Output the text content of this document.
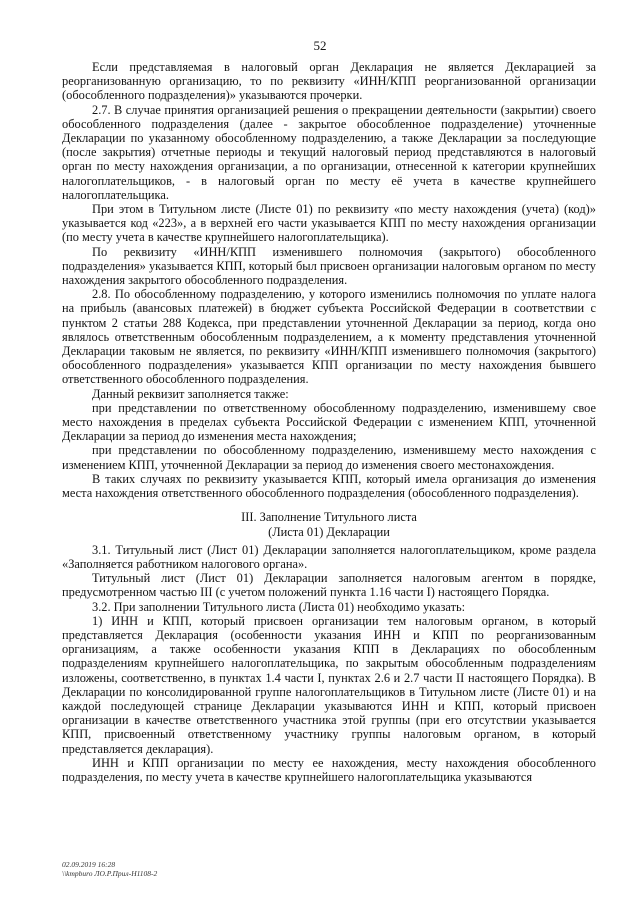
52

Если представляемая в налоговый орган Декларация не является Декларацией за реорганизованную организацию, то по реквизиту «ИНН/КПП реорганизованной организации (обособленного подразделения)» указываются прочерки.

2.7. В случае принятия организацией решения о прекращении деятельности (закрытии) своего обособленного подразделения (далее - закрытое обособленное подразделение) уточненные Декларации по указанному обособленному подразделению, а также Декларации за последующие (после закрытия) отчетные периоды и текущий налоговый период представляются в налоговый орган по месту нахождения организации, а по организации, отнесенной к категории крупнейших налогоплательщиков, - в налоговый орган по месту её учета в качестве крупнейшего налогоплательщика.

При этом в Титульном листе (Листе 01) по реквизиту «по месту нахождения (учета) (код)» указывается код «223», а в верхней его части указывается КПП по месту нахождения организации (по месту учета в качестве крупнейшего налогоплательщика).

По реквизиту «ИНН/КПП изменившего полномочия (закрытого) обособленного подразделения» указывается КПП, который был присвоен организации налоговым органом по месту нахождения закрытого обособленного подразделения.

2.8. По обособленному подразделению, у которого изменились полномочия по уплате налога на прибыль (авансовых платежей) в бюджет субъекта Российской Федерации в соответствии с пунктом 2 статьи 288 Кодекса, при представлении уточненной Декларации за период, когда оно являлось ответственным обособленным подразделением, а к моменту представления уточненной Декларации таковым не является, по реквизиту «ИНН/КПП изменившего полномочия (закрытого) обособленного подразделения» указывается КПП организации по месту нахождения бывшего ответственного обособленного подразделения.

Данный реквизит заполняется также:

при представлении по ответственному обособленному подразделению, изменившему свое место нахождения в пределах субъекта Российской Федерации с изменением КПП, уточненной Декларации за период до изменения места нахождения;

при представлении по обособленному подразделению, изменившему место нахождения с изменением КПП, уточненной Декларации за период до изменения своего местонахождения.

В таких случаях по реквизиту указывается КПП, который имела организация до изменения места нахождения ответственного обособленного подразделения (обособленного подразделения).

III. Заполнение Титульного листа
(Листа 01) Декларации

3.1. Титульный лист (Лист 01) Декларации заполняется налогоплательщиком, кроме раздела «Заполняется работником налогового органа».

Титульный лист (Лист 01) Декларации заполняется налоговым агентом в порядке, предусмотренном частью III (с учетом положений пункта 1.16 части I) настоящего Порядка.

3.2. При заполнении Титульного листа (Листа 01) необходимо указать:

1) ИНН и КПП, который присвоен организации тем налоговым органом, в который представляется Декларация (особенности указания ИНН и КПП по реорганизованным организациям, а также особенности указания КПП в Декларациях по обособленным подразделениям крупнейшего налогоплательщика, по закрытым обособленным подразделениям изложены, соответственно, в пунктах 1.4 части I, пунктах 2.6 и 2.7 части II настоящего Порядка). В Декларации по консолидированной группе налогоплательщиков в Титульном листе (Листе 01) и на каждой последующей странице Декларации указываются ИНН и КПП, который присвоен организации в качестве ответственного участника этой группы (при его отсутствии указывается КПП, присвоенный ответственному участнику группы налоговым органом, в который представляется декларация).

ИНН и КПП организации по месту ее нахождения, месту нахождения обособленного подразделения, по месту учета в качестве крупнейшего налогоплательщика указываются

02.09.2019 16:28
\\kmpburo ЛО.Р.Прил-Н1108-2
